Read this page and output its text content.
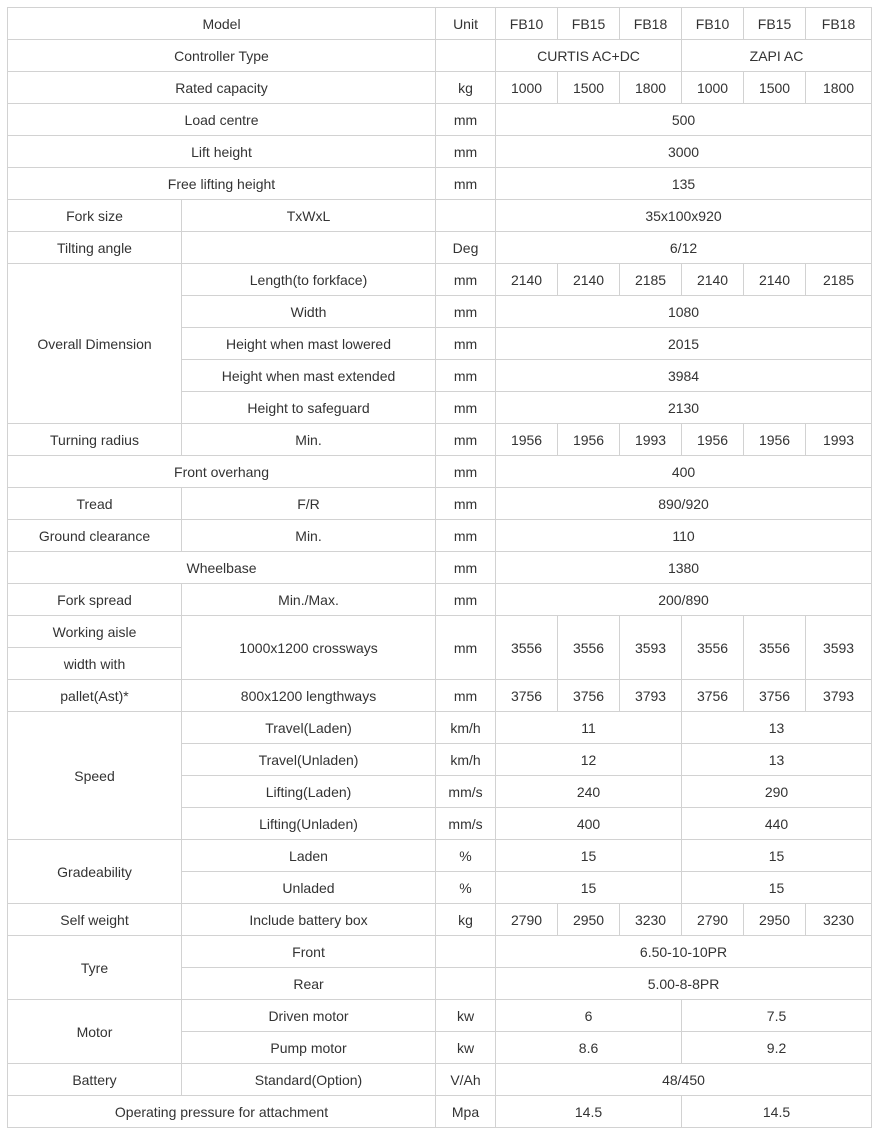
Model		Unit	FB10	FB15	FB18	FB10	FB15	FB18
Controller Type			CURTIS AC+DC			ZAPI AC		
Rated capacity		kg	1000	1500	1800	1000	1500	1800
Load centre		mm	500					
Lift height		mm	3000					
Free lifting height		mm	135					
Fork size	TxWxL		35x100x920					
Tilting angle		Deg	6/12					
Overall Dimension	Length(to forkface)	mm	2140	2140	2185	2140	2140	2185
	Width	mm	1080					
	Height when mast lowered	mm	2015					
	Height when mast extended	mm	3984					
	Height to safeguard	mm	2130					
Turning radius	Min.	mm	1956	1956	1993	1956	1956	1993
Front overhang		mm	400					
Tread	F/R	mm	890/920					
Ground clearance	Min.	mm	110					
Wheelbase		mm	1380					
Fork spread	Min./Max.	mm	200/890					
Working aisle	1000x1200 crossways	mm	3556	3556	3593	3556	3556	3593
width with								
pallet(Ast)*	800x1200 lengthways	mm	3756	3756	3793	3756	3756	3793
Speed	Travel(Laden)	km/h	11			13		
	Travel(Unladen)	km/h	12			13		
	Lifting(Laden)	mm/s	240			290		
	Lifting(Unladen)	mm/s	400			440		
Gradeability	Laden	%	15			15		
	Unladed	%	15			15		
Self weight	Include battery box	kg	2790	2950	3230	2790	2950	3230
Tyre	Front		6.50-10-10PR					
	Rear		5.00-8-8PR					
Motor	Driven motor	kw	6			7.5		
	Pump motor	kw	8.6			9.2		
Battery	Standard(Option)	V/Ah	48/450					
Operating pressure for attachment		Mpa	14.5			14.5		
